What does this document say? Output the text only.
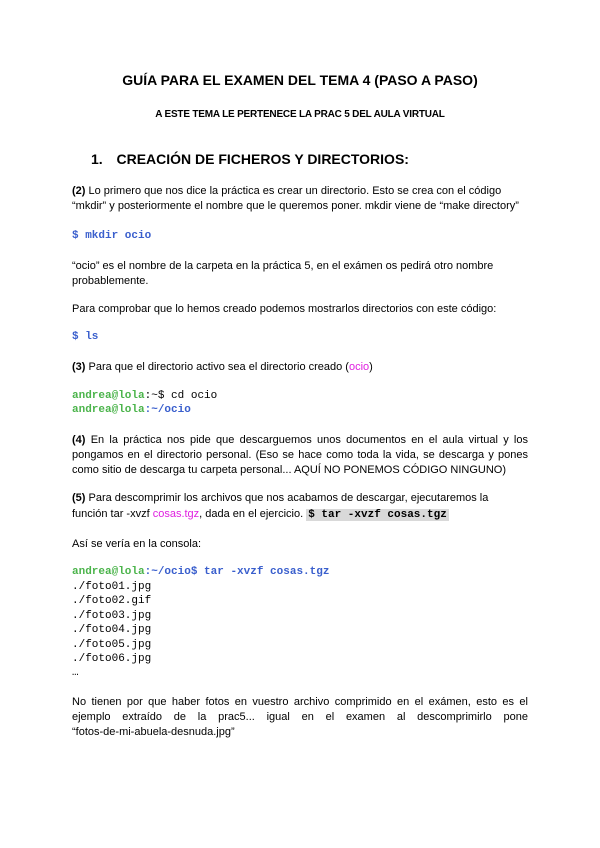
GUÍA PARA EL EXAMEN DEL TEMA 4 (PASO A PASO)
A ESTE TEMA LE PERTENECE LA PRAC 5 DEL AULA VIRTUAL
1. CREACIÓN DE FICHEROS Y DIRECTORIOS:
(2) Lo primero que nos dice la práctica es crear un directorio. Esto se crea con el código
“mkdir” y posteriormente el nombre que le queremos poner. mkdir viene de “make directory”
$ mkdir ocio
“ocio” es el nombre de la carpeta en la práctica 5, en el exámen os pedirá otro nombre
probablemente.
Para comprobar que lo hemos creado podemos mostrarlos directorios con este código:
$ ls
(3) Para que el directorio activo sea el directorio creado (ocio)
andrea@lola:~$ cd ocio
andrea@lola:~/ocio
(4) En la práctica nos pide que descarguemos unos documentos en el aula virtual y los
pongamos en el directorio personal. (Eso se hace como toda la vida, se descarga y pones
como sitio de descarga tu carpeta personal... AQUÍ NO PONEMOS CÓDIGO NINGUNO)
(5) Para descomprimir los archivos que nos acabamos de descargar, ejecutaremos la
función tar -xvzf cosas.tgz, dada en el ejercicio. $ tar -xvzf cosas.tgz
Así se vería en la consola:
andrea@lola:~/ocio$ tar -xvzf cosas.tgz
./foto01.jpg
./foto02.gif
./foto03.jpg
./foto04.jpg
./foto05.jpg
./foto06.jpg
…
No tienen por que haber fotos en vuestro archivo comprimido en el exámen, esto es el
ejemplo extraído de la prac5... igual en el examen al descomprimirlo pone
“fotos-de-mi-abuela-desnuda.jpg”
